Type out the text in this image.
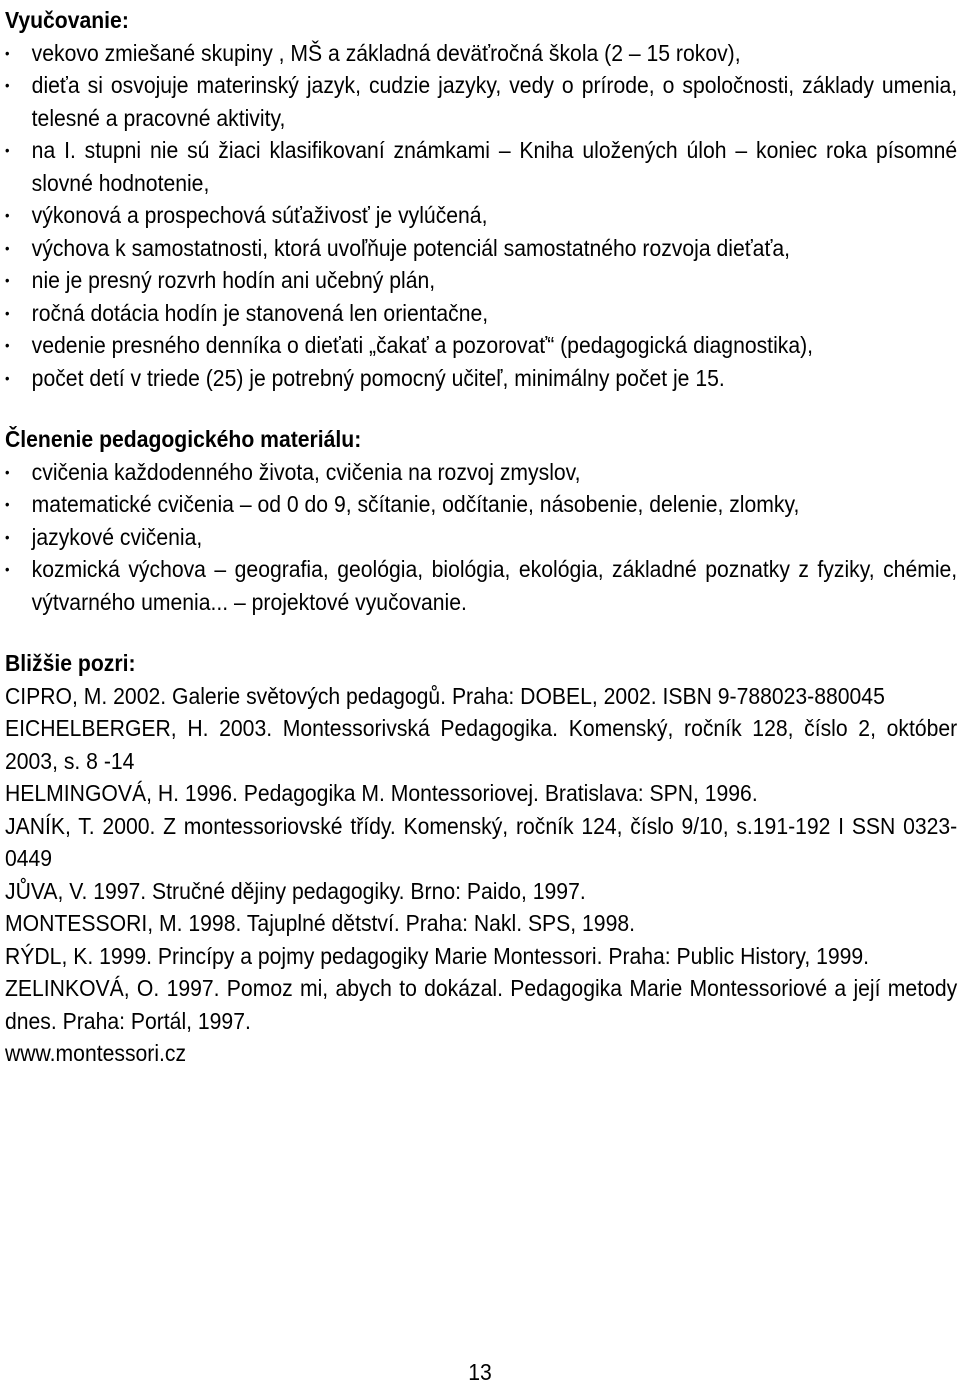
Vyučovanie:
• vekovo zmiešané skupiny , MŠ a základná deväťročná škola (2 – 15 rokov),
• dieťa si osvojuje materinský jazyk, cudzie jazyky, vedy o prírode, o spoločnosti, základy umenia, telesné a pracovné aktivity,
• na I. stupni nie sú žiaci klasifikovaní známkami – Kniha uložených úloh – koniec roka písomné slovné hodnotenie,
• výkonová a prospechová súťaživosť je vylúčená,
• výchova k samostatnosti, ktorá uvoľňuje potenciál samostatného rozvoja dieťaťa,
• nie je presný rozvrh hodín ani učebný plán,
• ročná dotácia hodín je stanovená len orientačne,
• vedenie presného denníka o dieťati „čakať a pozorovať“ (pedagogická diagnostika),
• počet detí v triede (25) je potrebný pomocný učiteľ, minimálny počet je 15.
Členenie pedagogického materiálu:
• cvičenia každodenného života, cvičenia na rozvoj zmyslov,
• matematické cvičenia – od 0 do 9, sčítanie, odčítanie, násobenie, delenie, zlomky,
• jazykové cvičenia,
• kozmická výchova – geografia, geológia, biológia, ekológia, základné poznatky z fyziky, chémie, výtvarného umenia... – projektové vyučovanie.
Bližšie pozri:

CIPRO, M. 2002. Galerie světových pedagogů. Praha: DOBEL, 2002. ISBN 9-788023-880045

EICHELBERGER, H. 2003. Montessorivská Pedagogika. Komenský, ročník 128, číslo 2, október 2003, s. 8 -14

HELMINGOVÁ, H. 1996. Pedagogika M. Montessoriovej. Bratislava: SPN, 1996.

JANÍK, T. 2000. Z montessoriovské třídy. Komenský, ročník 124, číslo 9/10, s.191-192 I SSN 0323-0449

JŮVA, V. 1997. Stručné dějiny pedagogiky. Brno: Paido, 1997.

MONTESSORI, M. 1998. Tajuplné dětství. Praha: Nakl. SPS, 1998.

RÝDL, K. 1999. Princípy a pojmy pedagogiky Marie Montessori. Praha: Public History, 1999.

ZELINKOVÁ, O. 1997. Pomoz mi, abych to dokázal. Pedagogika Marie Montessoriové a její metody dnes. Praha: Portál, 1997.

www.montessori.cz

13
